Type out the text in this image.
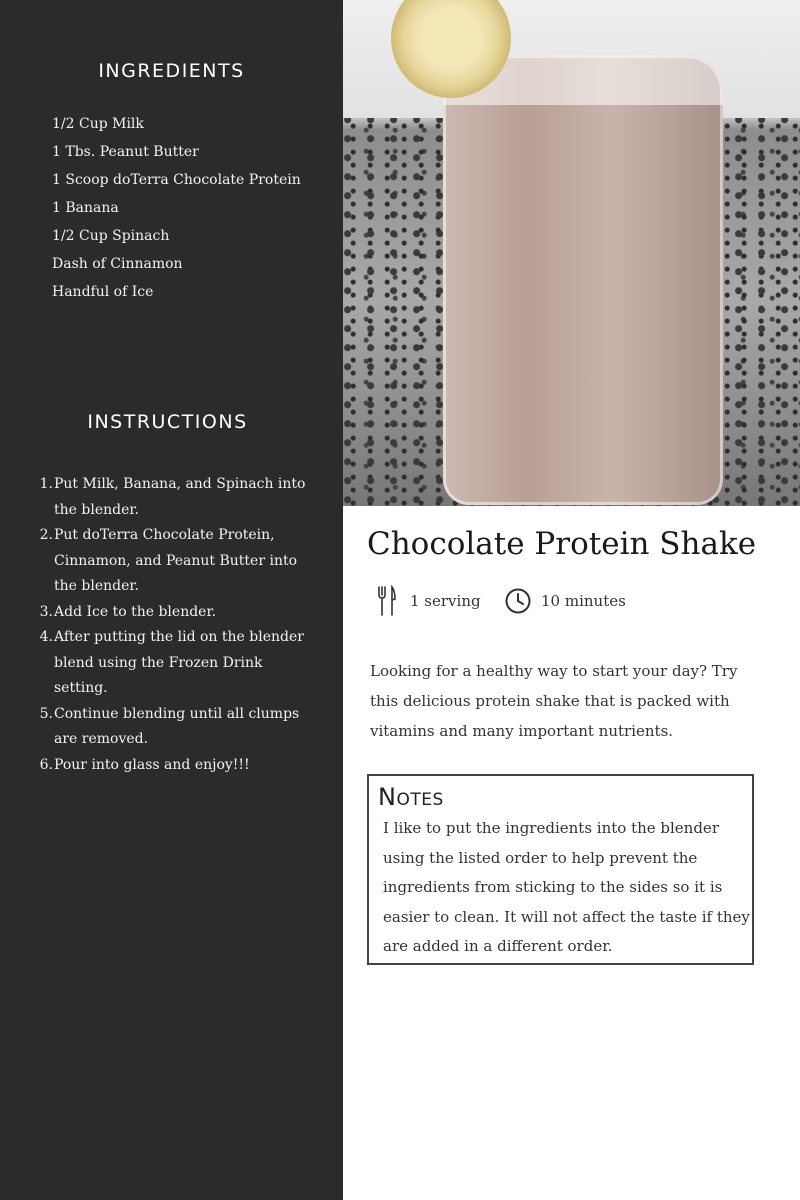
INGREDIENTS
1/2 Cup Milk
1 Tbs. Peanut Butter
1 Scoop doTerra Chocolate Protein
1 Banana
1/2 Cup Spinach
Dash of Cinnamon
Handful of Ice
INSTRUCTIONS
1. Put Milk, Banana, and Spinach into the blender.
2. Put doTerra Chocolate Protein, Cinnamon, and Peanut Butter into the blender.
3. Add Ice to the blender.
4. After putting the lid on the blender blend using the Frozen Drink setting.
5. Continue blending until all clumps are removed.
6. Pour into glass and enjoy!!!
Chocolate Protein Shake
1 serving	10 minutes

Looking for a healthy way to start your day? Try this delicious protein shake that is packed with vitamins and many important nutrients.

Notes

I like to put the ingredients into the blender using the listed order to help prevent the ingredients from sticking to the sides so it is easier to clean. It will not affect the taste if they are added in a different order.
